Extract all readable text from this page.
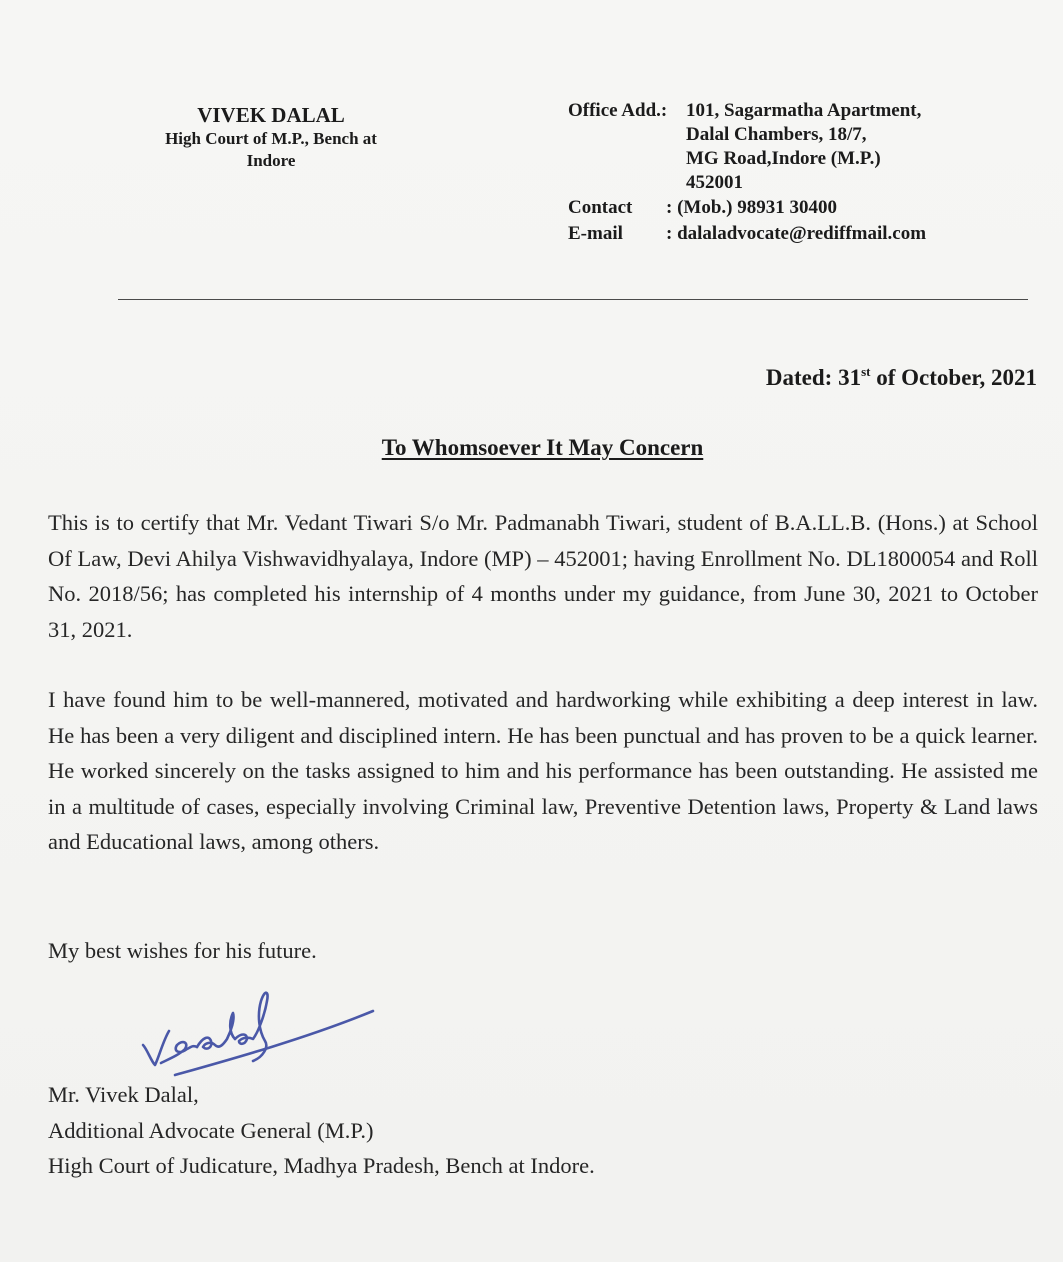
VIVEK DALAL
High Court of M.P., Bench at
Indore
Office Add.: 101, Sagarmatha Apartment,
Dalal Chambers, 18/7,
MG Road,Indore (M.P.)
452001
Contact : (Mob.) 98931 30400
E-mail : dalaladvocate@rediffmail.com
Dated: 31st of October, 2021
To Whomsoever It May Concern
This is to certify that Mr. Vedant Tiwari S/o Mr. Padmanabh Tiwari, student of B.A.LL.B. (Hons.) at School Of Law, Devi Ahilya Vishwavidhyalaya, Indore (MP) – 452001; having Enrollment No. DL1800054 and Roll No. 2018/56; has completed his internship of 4 months under my guidance, from June 30, 2021 to October 31, 2021.
I have found him to be well-mannered, motivated and hardworking while exhibiting a deep interest in law. He has been a very diligent and disciplined intern. He has been punctual and has proven to be a quick learner. He worked sincerely on the tasks assigned to him and his performance has been outstanding. He assisted me in a multitude of cases, especially involving Criminal law, Preventive Detention laws, Property & Land laws and Educational laws, among others.
My best wishes for his future.
Mr. Vivek Dalal,
Additional Advocate General (M.P.)
High Court of Judicature, Madhya Pradesh, Bench at Indore.
